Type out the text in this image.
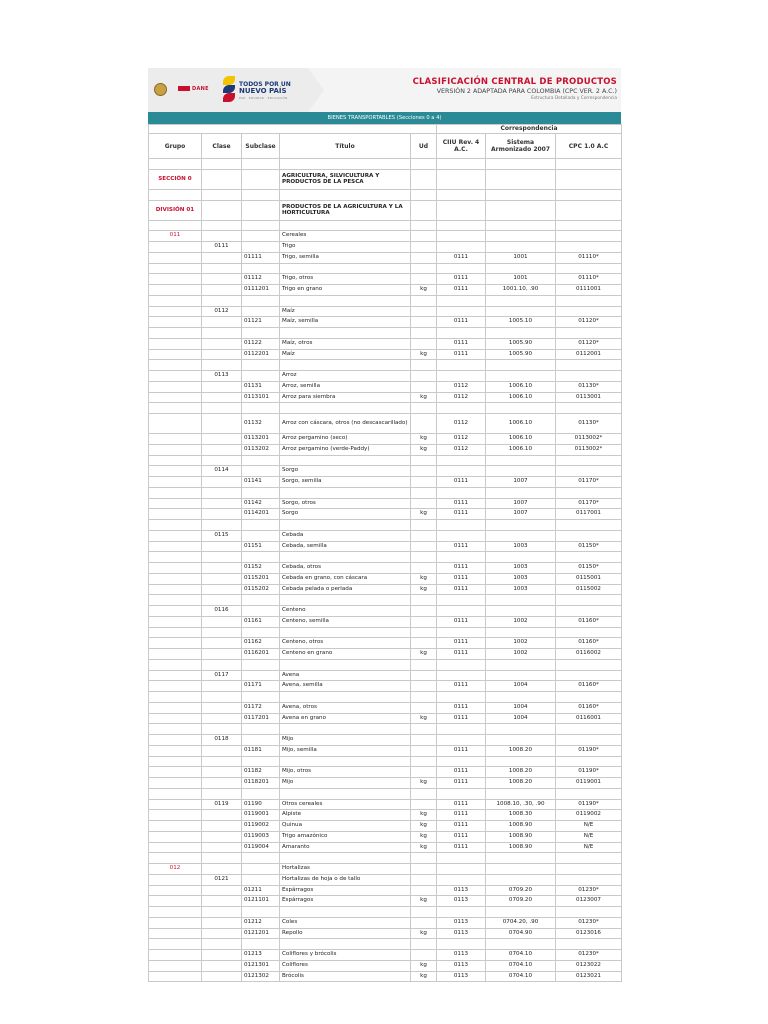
DANE
TODOS POR UN
NUEVO PAÍS
PAZ · EQUIDAD · EDUCACIÓN
CLASIFICACIÓN CENTRAL DE PRODUCTOS
VERSIÓN 2 ADAPTADA PARA COLOMBIA (CPC VER. 2 A.C.)
Estructura Detallada y Correspondencia
BIENES TRANSPORTABLES (Secciones 0 a 4)
					Correspondencia		
Grupo	Clase	Subclase	Título	Ud	CIIU Rev. 4 A.C.	Sistema Armonizado 2007	CPC 1.0 A.C

SECCIÓN 0			AGRICULTURA, SILVICULTURA Y PRODUCTOS DE LA PESCA				

DIVISIÓN 01			PRODUCTOS DE LA AGRICULTURA Y LA HORTICULTURA				

011			Cereales				
	0111		Trigo				
		01111	Trigo, semilla		0111	1001	01110*

		01112	Trigo, otros		0111	1001	01110*
		0111201	Trigo en grano	kg	0111	1001.10, .90	0111001

	0112		Maíz				
		01121	Maíz, semilla		0111	1005.10	01120*

		01122	Maíz, otros		0111	1005.90	01120*
		0112201	Maíz	kg	0111	1005.90	0112001

	0113		Arroz				
		01131	Arroz, semilla		0112	1006.10	01130*
		0113101	Arroz para siembra	kg	0112	1006.10	0113001

		01132	Arroz con cáscara, otros (no descascarillado)		0112	1006.10	01130*
		0113201	Arroz pergamino (seco)	kg	0112	1006.10	0113002*
		0113202	Arroz pergamino (verde-Paddy)	kg	0112	1006.10	0113002*

	0114		Sorgo				
		01141	Sorgo, semilla		0111	1007	01170*

		01142	Sorgo, otros		0111	1007	01170*
		0114201	Sorgo	kg	0111	1007	0117001

	0115		Cebada				
		01151	Cebada, semilla		0111	1003	01150*

		01152	Cebada, otros		0111	1003	01150*
		0115201	Cebada en grano, con cáscara	kg	0111	1003	0115001
		0115202	Cebada pelada o perlada	kg	0111	1003	0115002

	0116		Centeno				
		01161	Centeno, semilla		0111	1002	01160*

		01162	Centeno, otros		0111	1002	01160*
		0116201	Centeno en grano	kg	0111	1002	0116002

	0117		Avena				
		01171	Avena, semilla		0111	1004	01160*

		01172	Avena, otros		0111	1004	01160*
		0117201	Avena en grano	kg	0111	1004	0116001

	0118		Mijo				
		01181	Mijo, semilla		0111	1008.20	01190*

		01182	Mijo, otros		0111	1008.20	01190*
		0118201	Mijo	kg	0111	1008.20	0119001

	0119	01190	Otros cereales		0111	1008.10, .30, .90	01190*
		0119001	Alpiste	kg	0111	1008.30	0119002
		0119002	Quinua	kg	0111	1008.90	N/E
		0119003	Trigo amazónico	kg	0111	1008.90	N/E
		0119004	Amaranto	kg	0111	1008.90	N/E

012			Hortalizas				
	0121		Hortalizas de hoja o de tallo				
		01211	Espárragos		0113	0709.20	01230*
		0121101	Espárragos	kg	0113	0709.20	0123007

		01212	Coles		0113	0704.20, .90	01230*
		0121201	Repollo	kg	0113	0704.90	0123016

		01213	Coliflores y brócolis		0113	0704.10	01230*
		0121301	Coliflores	kg	0113	0704.10	0123022
		0121302	Brócolis	kg	0113	0704.10	0123021
